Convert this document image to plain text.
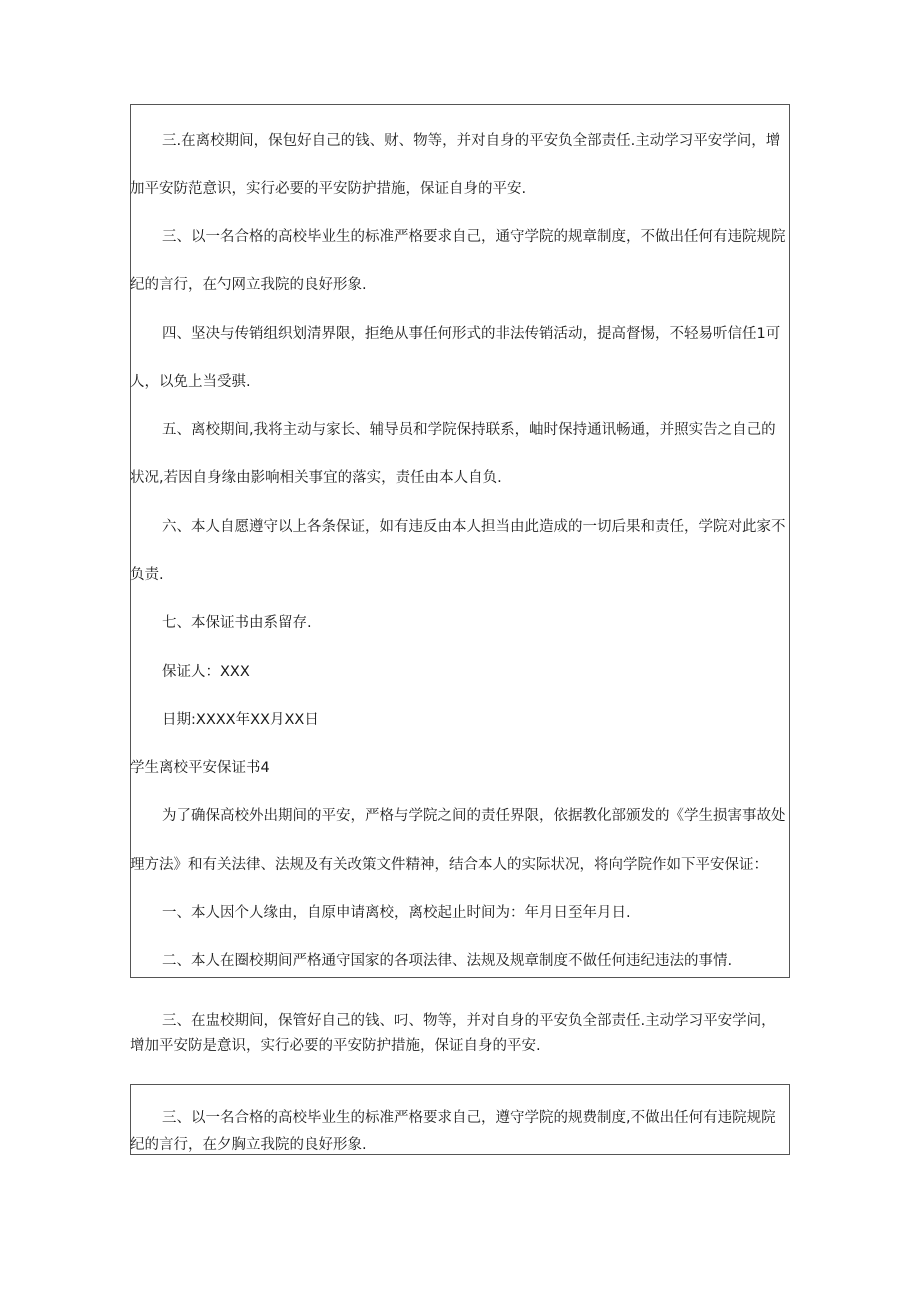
三.在离校期间，保包好自己的钱、财、物等，并对自身的平安负全部责任.主动学习平安学问，增
加平安防范意识，实行必要的平安防护措施，保证自身的平安.
三、以一名合格的高校毕业生的标准严格要求自己，通守学院的规章制度，不做出任何有违院规院
纪的言行，在勺网立我院的良好形象.
四、坚决与传销组织划清界限，拒绝从事任何形式的非法传销活动，提高督惕，不轻易听信任1可
人，以免上当受骐.
五、离校期间,我将主动与家长、辅导员和学院保持联系，岫时保持通讯畅通，并照实告之自己的
状况,若因自身缘由影响相关事宜的落实，责任由本人自负.
六、本人自愿遵守以上各条保证，如有违反由本人担当由此造成的一切后果和责任，学院对此家不
负责.
七、本保证书由系留存.
保证人：XXX
日期:XXXX年XX月XX日
学生离校平安保证书4
为了确保高校外出期间的平安，严格与学院之间的责任界限，依据教化部颁发的《学生损害事故处
理方法》和有关法律、法规及有关改策文件精神，结合本人的实际状况，将向学院作如下平安保证：
一、本人因个人缘由，自原申请离校，离校起止时间为：年月日至年月日.
二、本人在圈校期间严格通守国家的各项法律、法规及规章制度不做任何违纪违法的事情.
三、在盅校期间，保管好自己的钱、叼、物等，并对自身的平安负全部责任.主动学习平安学问，
增加平安防是意识，实行必要的平安防护措施，保证自身的平安.
三、以一名合格的高校毕业生的标准严格要求自己，遵守学院的规费制度,不做出任何有违院规院
纪的言行，在夕胸立我院的良好形象.
